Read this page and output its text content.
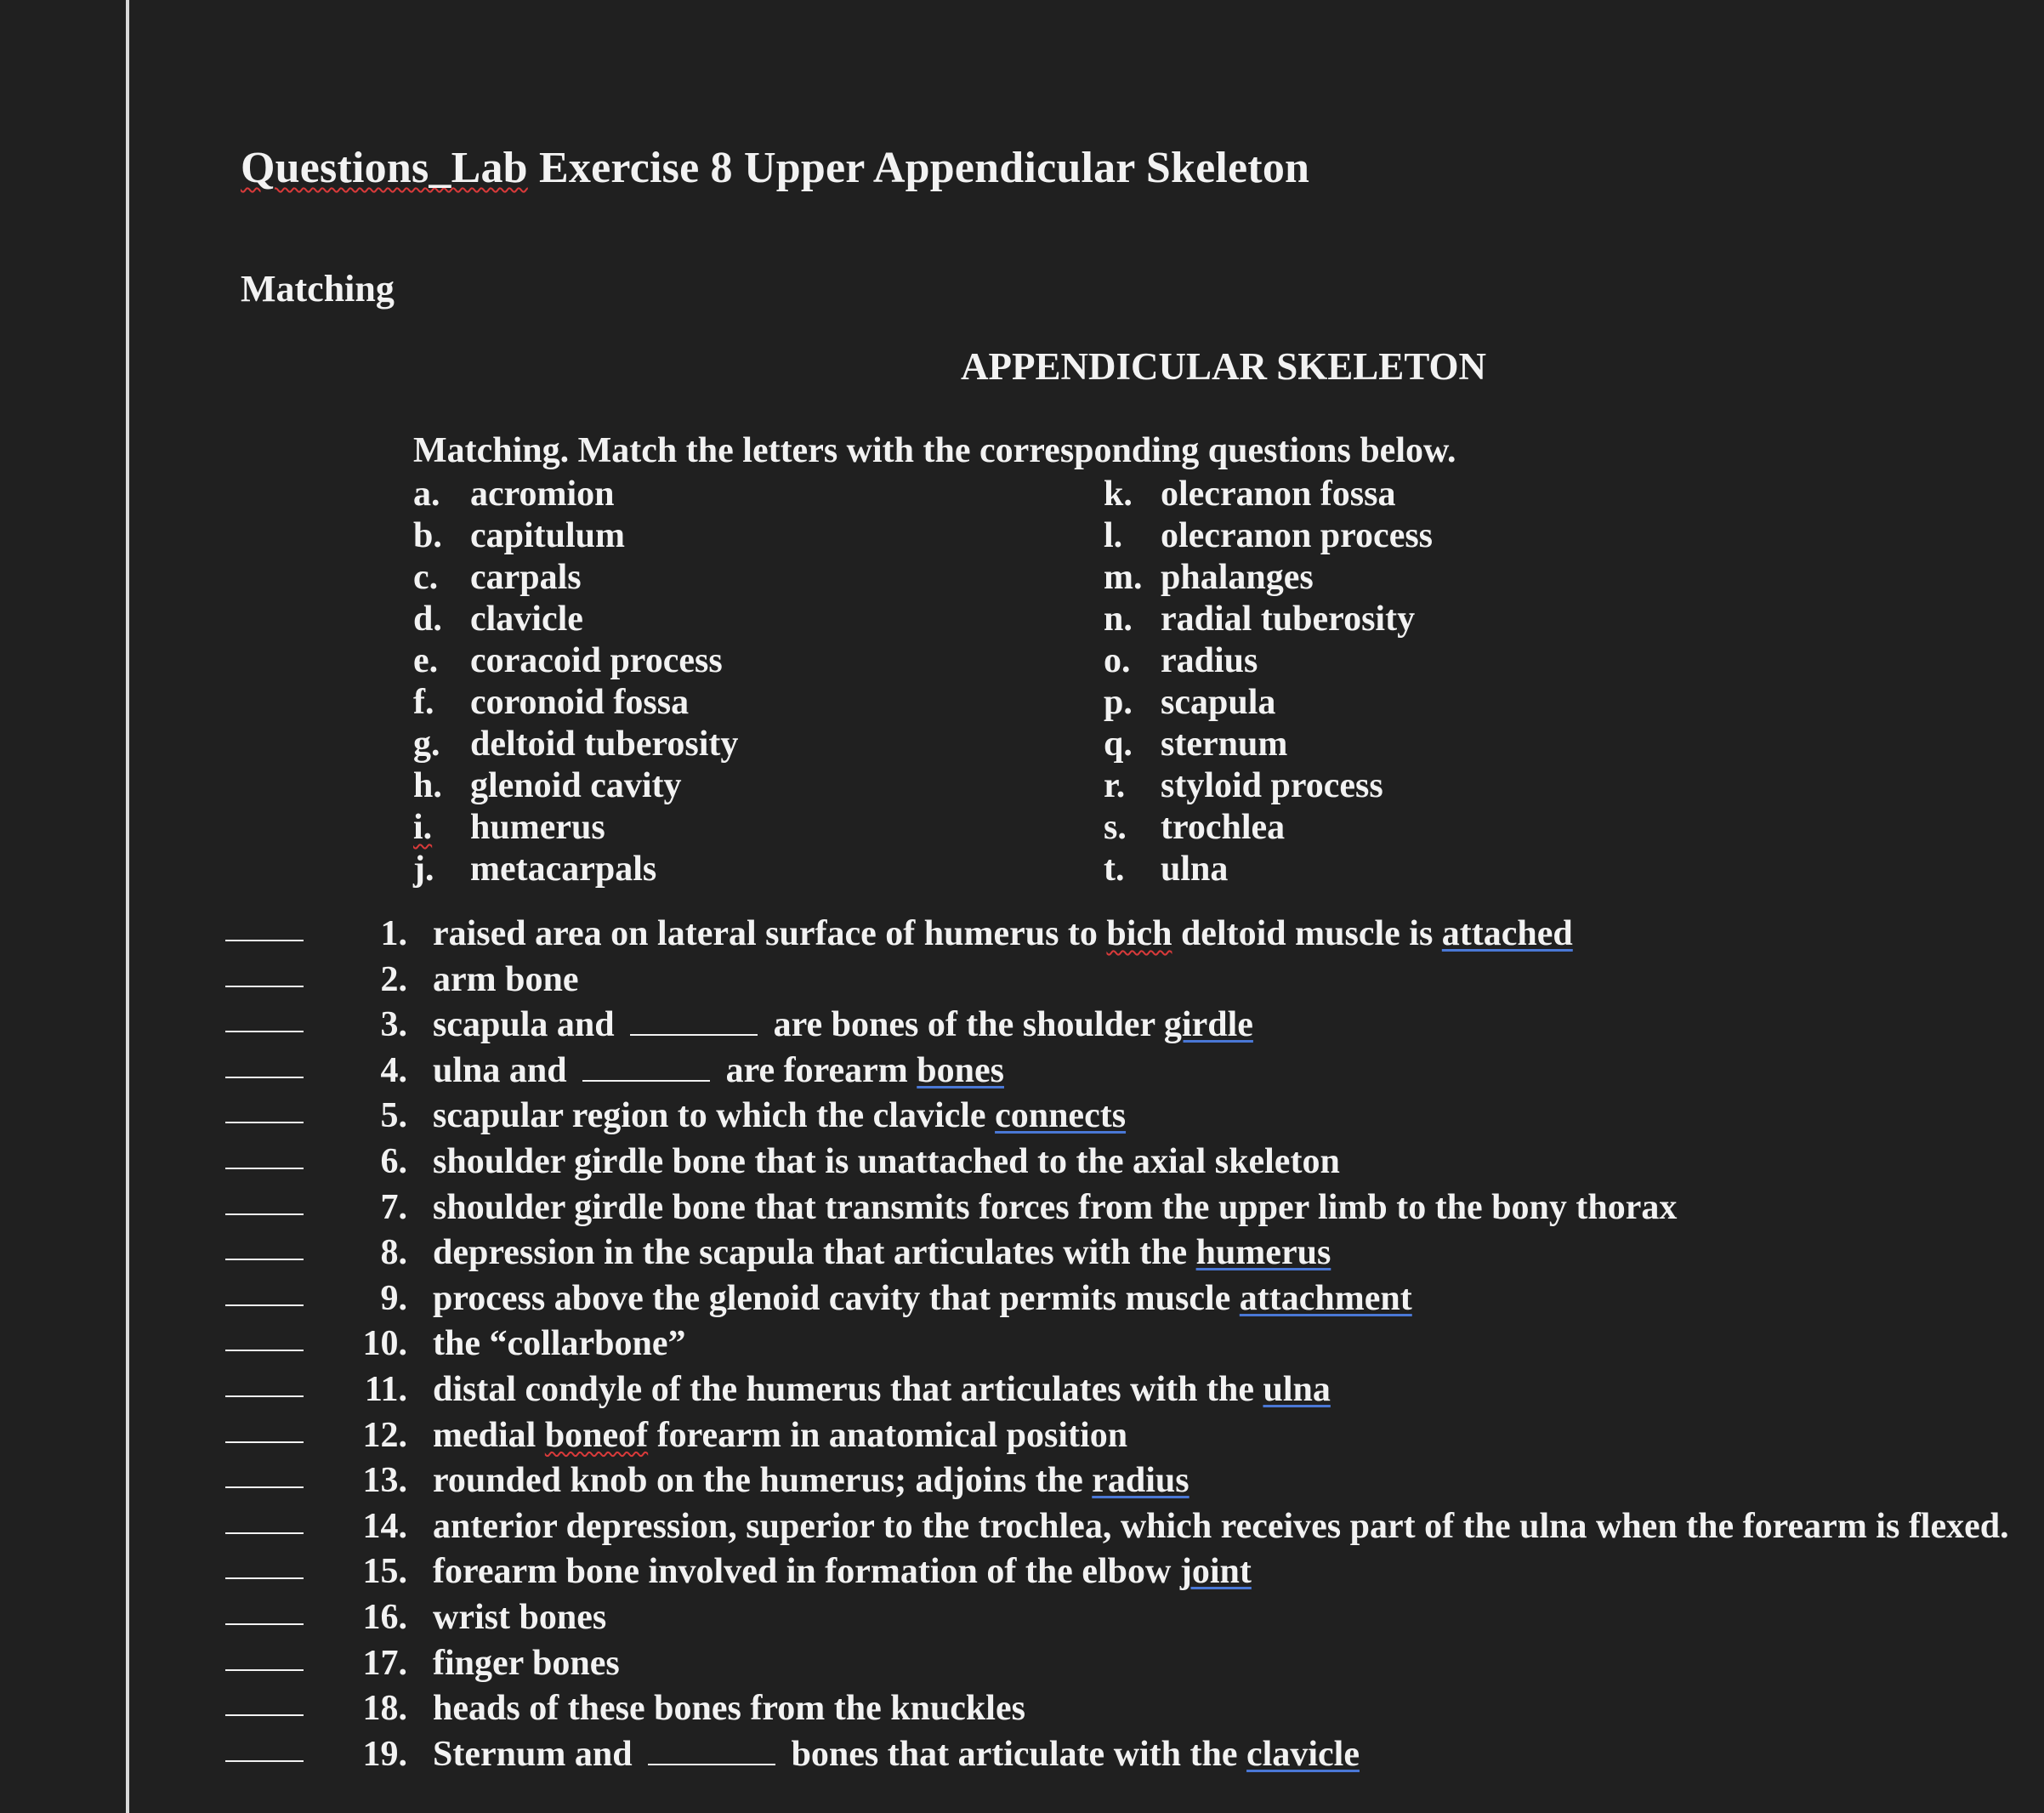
Questions_Lab Exercise 8 Upper Appendicular Skeleton
Matching
APPENDICULAR SKELETON
Matching. Match the letters with the corresponding questions below.
a. acromion
b. capitulum
c. carpals
d. clavicle
e. coracoid process
f.	coronoid fossa
g. deltoid tuberosity
h. glenoid cavity
i.	humerus
j.	metacarpals
k. olecranon fossa
l.	olecranon process
m. phalanges
n. radial tuberosity
o. radius
p. scapula
q. sternum
r. styloid process
s. trochlea
t.	ulna
1. raised area on lateral surface of humerus to bich deltoid muscle is attached
2. arm bone
3. scapula and	are bones of the shoulder girdle
4. ulna and	are forearm bones
5. scapular region to which the clavicle connects
6. shoulder girdle bone that is unattached to the axial skeleton
7. shoulder girdle bone that transmits forces from the upper limb to the bony thorax
8. depression in the scapula that articulates with the humerus
9. process above the glenoid cavity that permits muscle attachment
10. the “collarbone”
11. distal condyle of the humerus that articulates with the ulna
12. medial boneof forearm in anatomical position
13. rounded knob on the humerus; adjoins the radius
14. anterior depression, superior to the trochlea, which receives part of the ulna when the forearm is flexed.
15. forearm bone involved in formation of the elbow joint
16. wrist bones
17. finger bones
18. heads of these bones from the knuckles
19. Sternum and	bones that articulate with the clavicle
